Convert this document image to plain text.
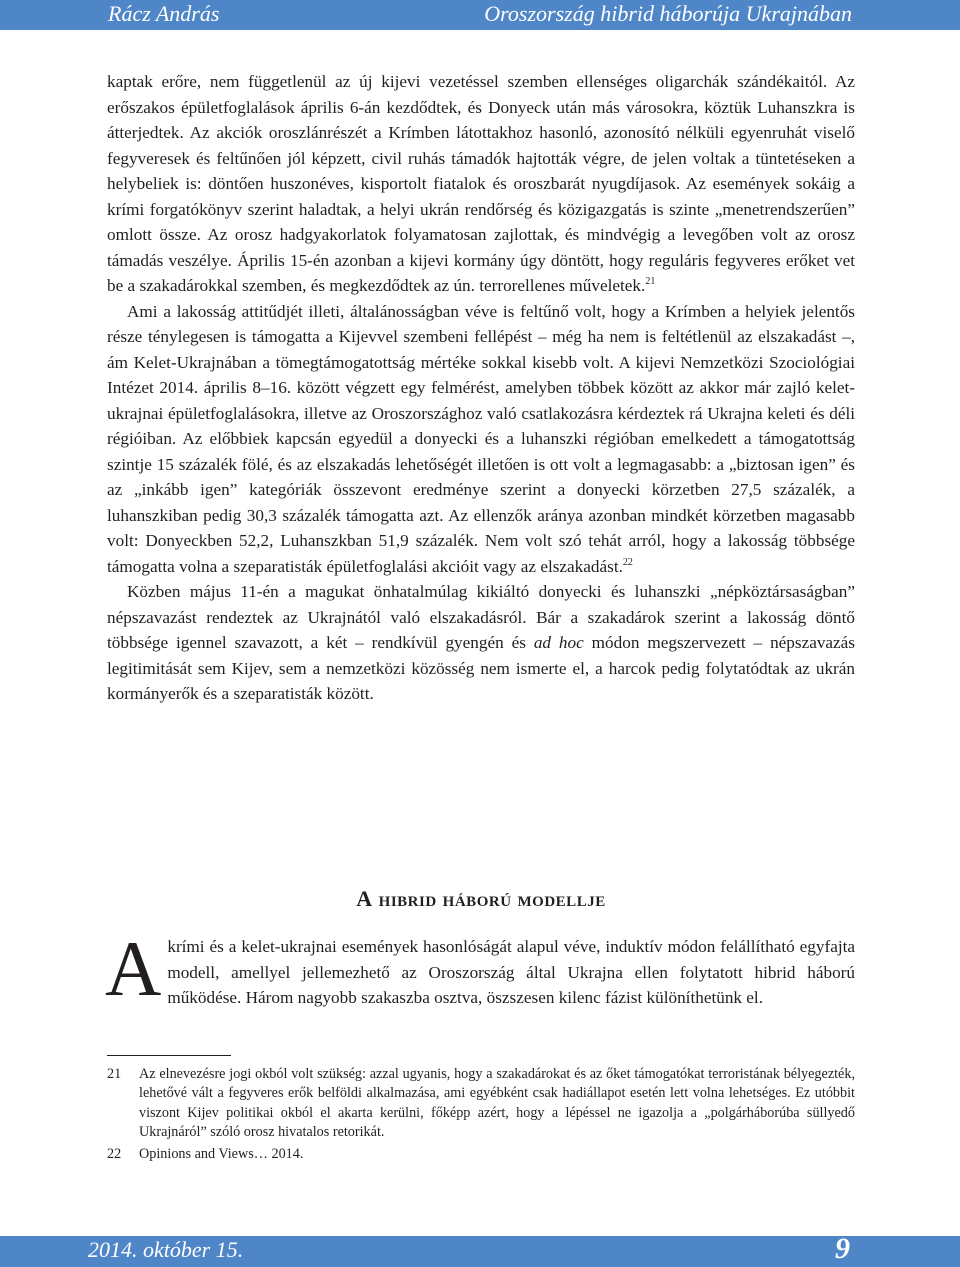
Rácz András	Oroszország hibrid háborúja Ukrajnában

kaptak erőre, nem függetlenül az új kijevi vezetéssel szemben ellenséges oligarchák szándékaitól. Az erőszakos épületfoglalások április 6-án kezdődtek, és Donyeck után más városokra, köztük Luhanszkra is átterjedtek. Az akciók oroszlánrészét a Krímben látottakhoz hasonló, azonosító nélküli egyenruhát viselő fegyveresek és feltűnően jól képzett, civil ruhás támadók hajtották végre, de jelen voltak a tüntetéseken a helybeliek is: döntően huszonéves, kisportolt fiatalok és oroszbarát nyugdíjasok. Az események sokáig a krími forgatókönyv szerint haladtak, a helyi ukrán rendőrség és közigazgatás is szinte „menetrendszerűen” omlott össze. Az orosz hadgyakorlatok folyamatosan zajlottak, és mindvégig a levegőben volt az orosz támadás veszélye. Április 15-én azonban a kijevi kormány úgy döntött, hogy reguláris fegyveres erőket vet be a szakadárokkal szemben, és megkezdődtek az ún. terrorellenes műveletek.$^{21}$

Ami a lakosság attitűdjét illeti, általánosságban véve is feltűnő volt, hogy a Krímben a helyiek jelentős része ténylegesen is támogatta a Kijevvel szembeni fellépést – még ha nem is feltétlenül az elszakadást –, ám Kelet-Ukrajnában a tömegtámogatottság mértéke sokkal kisebb volt. A kijevi Nemzetközi Szociológiai Intézet 2014. április 8–16. között végzett egy felmérést, amelyben többek között az akkor már zajló kelet-ukrajnai épületfoglalásokra, illetve az Oroszországhoz való csatlakozásra kérdeztek rá Ukrajna keleti és déli régióiban. Az előbbiek kapcsán egyedül a donyecki és a luhanszki régióban emelkedett a támogatottság szintje 15 százalék fölé, és az elszakadás lehetőségét illetően is ott volt a legmagasabb: a „biztosan igen” és az „inkább igen” kategóriák összevont eredménye szerint a donyecki körzetben 27,5 százalék, a luhanszkiban pedig 30,3 százalék támogatta azt. Az ellenzők aránya azonban mindkét körzetben magasabb volt: Donyeckben 52,2, Luhanszkban 51,9 százalék. Nem volt szó tehát arról, hogy a lakosság többsége támogatta volna a szeparatisták épületfoglalási akcióit vagy az elszakadást.$^{22}$

Közben május 11-én a magukat önhatalmúlag kikiáltó donyecki és luhanszki „népköztársaságban” népszavazást rendeztek az Ukrajnától való elszakadásról. Bár a szakadárok szerint a lakosság döntő többsége igennel szavazott, a két – rendkívül gyengén és ad hoc módon megszervezett – népszavazás legitimitását sem Kijev, sem a nemzetközi közösség nem ismerte el, a harcok pedig folytatódtak az ukrán kormányerők és a szeparatisták között.

A hibrid háború modellje
Akrími és a kelet-ukrajnai események hasonlóságát alapul véve, induktív módon felállítható egyfajta modell, amellyel jellemezhető az Oroszország által Ukrajna ellen folytatott hibrid háború működése. Három nagyobb szakaszba osztva, öszszesen kilenc fázist különíthetünk el.
21 Az elnevezésre jogi okból volt szükség: azzal ugyanis, hogy a szakadárokat és az őket támogatókat terroristának bélyegezték, lehetővé vált a fegyveres erők belföldi alkalmazása, ami egyébként csak hadiállapot esetén lett volna lehetséges. Ez utóbbit viszont Kijev politikai okból el akarta kerülni, főképp azért, hogy a lépéssel ne igazolja a „polgárháborúba süllyedő Ukrajnáról” szóló orosz hivatalos retorikát.
22 Opinions and Views… 2014.
2014. október 15.	9
